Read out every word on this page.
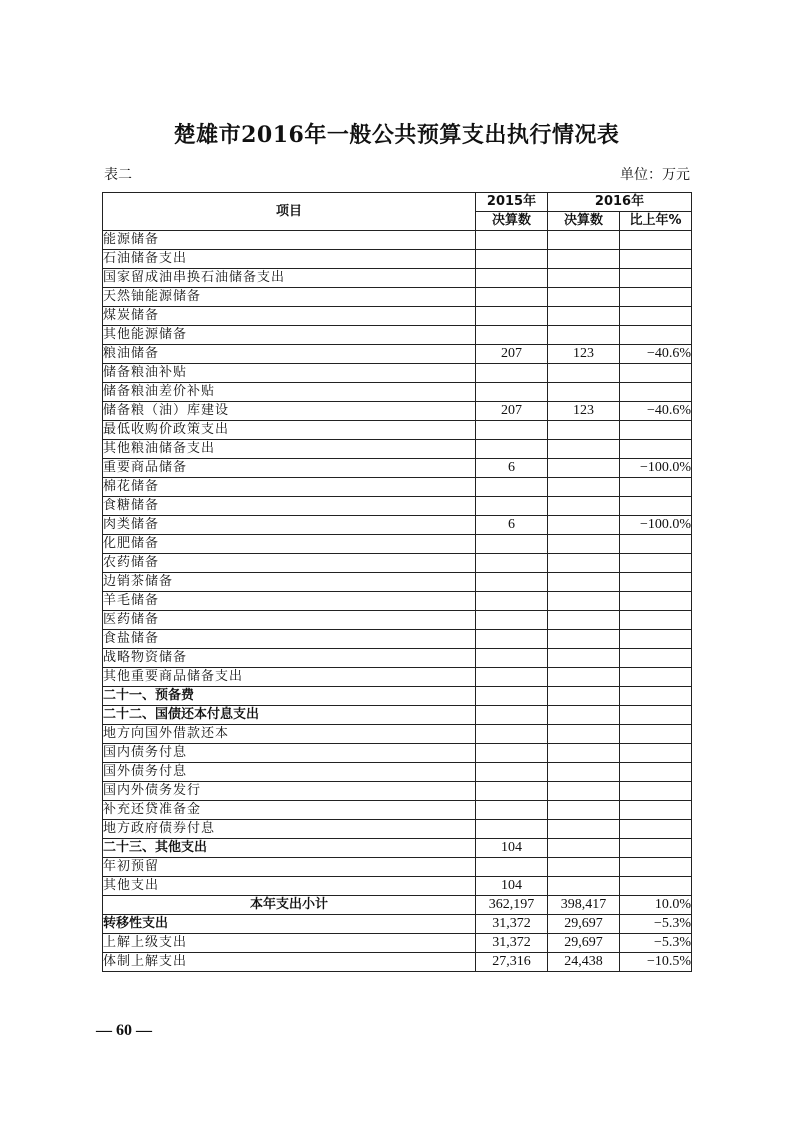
楚雄市2016年一般公共预算支出执行情况表
表二	单位：万元
项目	2015年	2016年	
	决算数	决算数	比上年%
能源储备			
石油储备支出			
国家留成油串换石油储备支出			
天然铀能源储备			
煤炭储备			
其他能源储备			
粮油储备	207	123	−40.6%
储备粮油补贴			
储备粮油差价补贴			
储备粮（油）库建设	207	123	−40.6%
最低收购价政策支出			
其他粮油储备支出			
重要商品储备	6		−100.0%
棉花储备			
食糖储备			
肉类储备	6		−100.0%
化肥储备			
农药储备			
边销茶储备			
羊毛储备			
医药储备			
食盐储备			
战略物资储备			
其他重要商品储备支出			
二十一、预备费			
二十二、国债还本付息支出			
地方向国外借款还本			
国内债务付息			
国外债务付息			
国内外债务发行			
补充还贷准备金			
地方政府债券付息			
二十三、其他支出	104		
年初预留			
其他支出	104		
本年支出小计	362,197	398,417	10.0%
转移性支出	31,372	29,697	−5.3%
上解上级支出	31,372	29,697	−5.3%
体制上解支出	27,316	24,438	−10.5%
— 60 —
